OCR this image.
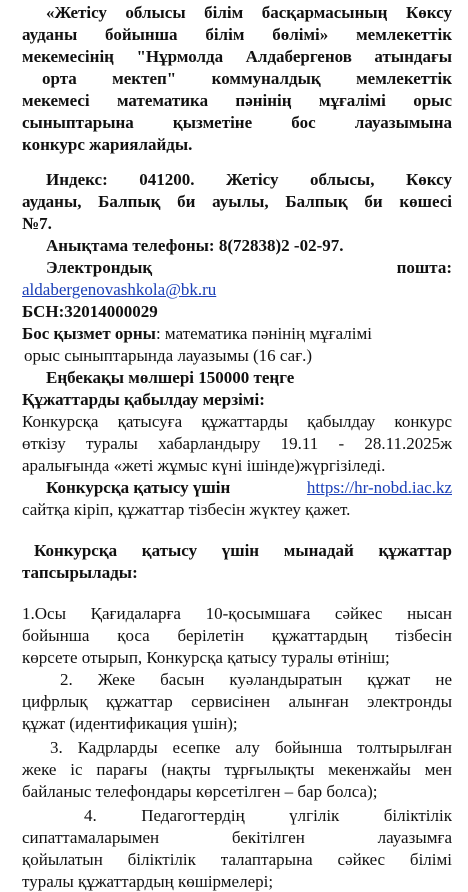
«Жетісу облысы білім басқармасының Көксу
ауданы бойынша білім бөлімі» мемлекеттік
мекемесінің "Нұрмолда Алдабергенов атындағы
орта мектеп" коммуналдық мемлекеттік
мекемесі математика пәнінің мұғалімі орыс
сыныптарына қызметіне бос лауазымына
конкурс жариялайды.
Индекс: 041200. Жетісу облысы, Көксу
ауданы, Балпық би ауылы, Балпық би көшесі
№7.
Анықтама телефоны: 8(72838)2 -02-97.
Электрондық	пошта:
aldabergenovashkola@bk.ru
БСН:32014000029
Бос қызмет орны: математика пәнінің мұғалімі
орыс сыныптарында лауазымы (16 сағ.)
Еңбекақы мөлшері 150000 теңге
Құжаттарды қабылдау мерзімі:
Конкурсқа қатысуға құжаттарды қабылдау конкурс
өткізу туралы хабарландыру 19.11 - 28.11.2025ж
аралығында «жеті жұмыс күні ішінде)жүргізіледі.
Конкурсқа қатысу үшін	https://hr-nobd.iac.kz
сайтқа кіріп, құжаттар тізбесін жүктеу қажет.
Конкурсқа қатысу үшін мынадай құжаттар
тапсырылады:
1.Осы Қағидаларға 10-қосымшаға сәйкес нысан
бойынша қоса берілетін құжаттардың тізбесін
көрсете отырып, Конкурсқа қатысу туралы өтініш;
2. Жеке басын куәландыратын құжат не
цифрлық құжаттар сервисінен алынған электронды
құжат (идентификация үшін);
3. Кадрларды есепке алу бойынша толтырылған
жеке іс парағы (нақты тұрғылықты мекенжайы мен
байланыс телефондары көрсетілген – бар болса);
4. Педагогтердің үлгілік біліктілік
сипаттамаларымен бекітілген лауазымға
қойылатын біліктілік талаптарына сәйкес білімі
туралы құжаттардың көшірмелері;
